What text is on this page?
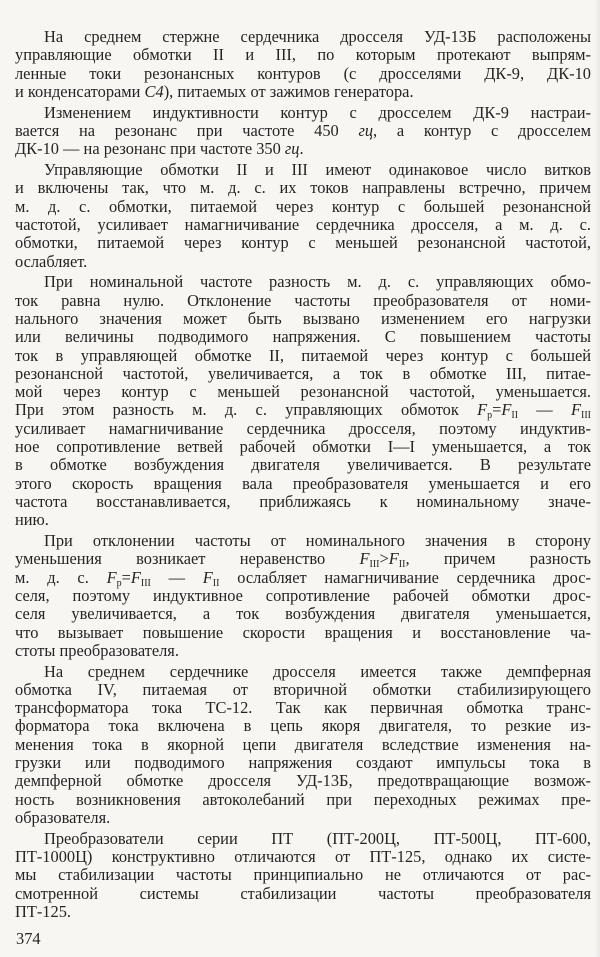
На среднем стержне сердечника дросселя УД-13Б расположены
управляющие обмотки II и III, по которым протекают выпрям-
ленные токи резонансных контуров (с дросселями ДК-9, ДК-10
и конденсаторами C4), питаемых от зажимов генератора.
Изменением индуктивности контур с дросселем ДК-9 настраи-
вается на резонанс при частоте 450 гц, а контур с дросселем
ДК-10 — на резонанс при частоте 350 гц.
Управляющие обмотки II и III имеют одинаковое число витков
и включены так, что м. д. с. их токов направлены встречно, причем
м. д. с. обмотки, питаемой через контур с большей резонансной
частотой, усиливает намагничивание сердечника дросселя, а м. д. с.
обмотки, питаемой через контур с меньшей резонансной частотой,
ослабляет.
При номинальной частоте разность м. д. с. управляющих обмо-
ток равна нулю. Отклонение частоты преобразователя от номи-
нального значения может быть вызвано изменением его нагрузки
или величины подводимого напряжения. С повышением частоты
ток в управляющей обмотке II, питаемой через контур с большей
резонансной частотой, увеличивается, а ток в обмотке III, питае-
мой через контур с меньшей резонансной частотой, уменьшается.
При этом разность м. д. с. управляющих обмоток $F_р=F_{II}$ — $F_{III}$
усиливает намагничивание сердечника дросселя, поэтому индуктив-
ное сопротивление ветвей рабочей обмотки I—I уменьшается, а ток
в обмотке возбуждения двигателя увеличивается. В результате
этого скорость вращения вала преобразователя уменьшается и его
частота восстанавливается, приближаясь к номинальному значе-
нию.
При отклонении частоты от номинального значения в сторону
уменьшения возникает неравенство $F_{III}>F_{II}$, причем разность
м. д. с. $F_р=F_{III}$ — $F_{II}$ ослабляет намагничивание сердечника дрос-
селя, поэтому индуктивное сопротивление рабочей обмотки дрос-
селя увеличивается, а ток возбуждения двигателя уменьшается,
что вызывает повышение скорости вращения и восстановление ча-
стоты преобразователя.
На среднем сердечнике дросселя имеется также демпферная
обмотка IV, питаемая от вторичной обмотки стабилизирующего
трансформатора тока ТС-12. Так как первичная обмотка транс-
форматора тока включена в цепь якоря двигателя, то резкие из-
менения тока в якорной цепи двигателя вследствие изменения на-
грузки или подводимого напряжения создают импульсы тока в
демпферной обмотке дросселя УД-13Б, предотвращающие возмож-
ность возникновения автоколебаний при переходных режимах пре-
образователя.
Преобразователи серии ПТ (ПТ-200Ц, ПТ-500Ц, ПТ-600,
ПТ-1000Ц) конструктивно отличаются от ПТ-125, однако их систе-
мы стабилизации частоты принципиально не отличаются от рас-
смотренной системы стабилизации частоты преобразователя
ПТ-125.
374
